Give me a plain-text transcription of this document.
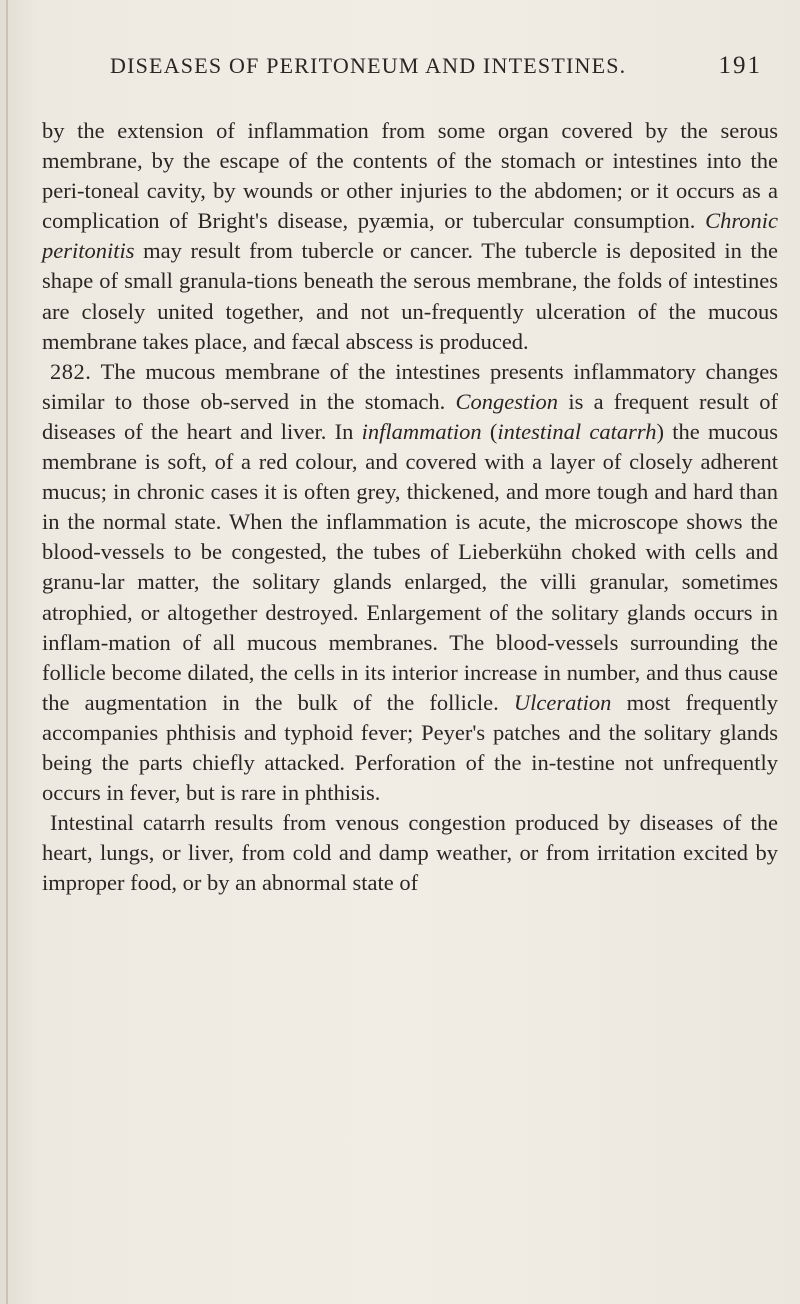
DISEASES OF PERITONEUM AND INTESTINES.	191

by the extension of inflammation from some organ covered by the serous membrane, by the escape of the contents of the stomach or intestines into the peri-toneal cavity, by wounds or other injuries to the abdomen; or it occurs as a complication of Bright's disease, pyæmia, or tubercular consumption. Chronic peritonitis may result from tubercle or cancer. The tubercle is deposited in the shape of small granula-tions beneath the serous membrane, the folds of intestines are closely united together, and not un-frequently ulceration of the mucous membrane takes place, and fæcal abscess is produced.

282. The mucous membrane of the intestines presents inflammatory changes similar to those ob-served in the stomach. Congestion is a frequent result of diseases of the heart and liver. In inflammation (intestinal catarrh) the mucous membrane is soft, of a red colour, and covered with a layer of closely adherent mucus; in chronic cases it is often grey, thickened, and more tough and hard than in the normal state. When the inflammation is acute, the microscope shows the blood-vessels to be congested, the tubes of Lieberkühn choked with cells and granu-lar matter, the solitary glands enlarged, the villi granular, sometimes atrophied, or altogether destroyed. Enlargement of the solitary glands occurs in inflam-mation of all mucous membranes. The blood-vessels surrounding the follicle become dilated, the cells in its interior increase in number, and thus cause the augmentation in the bulk of the follicle. Ulceration most frequently accompanies phthisis and typhoid fever; Peyer's patches and the solitary glands being the parts chiefly attacked. Perforation of the in-testine not unfrequently occurs in fever, but is rare in phthisis.

Intestinal catarrh results from venous congestion produced by diseases of the heart, lungs, or liver, from cold and damp weather, or from irritation excited by improper food, or by an abnormal state of
